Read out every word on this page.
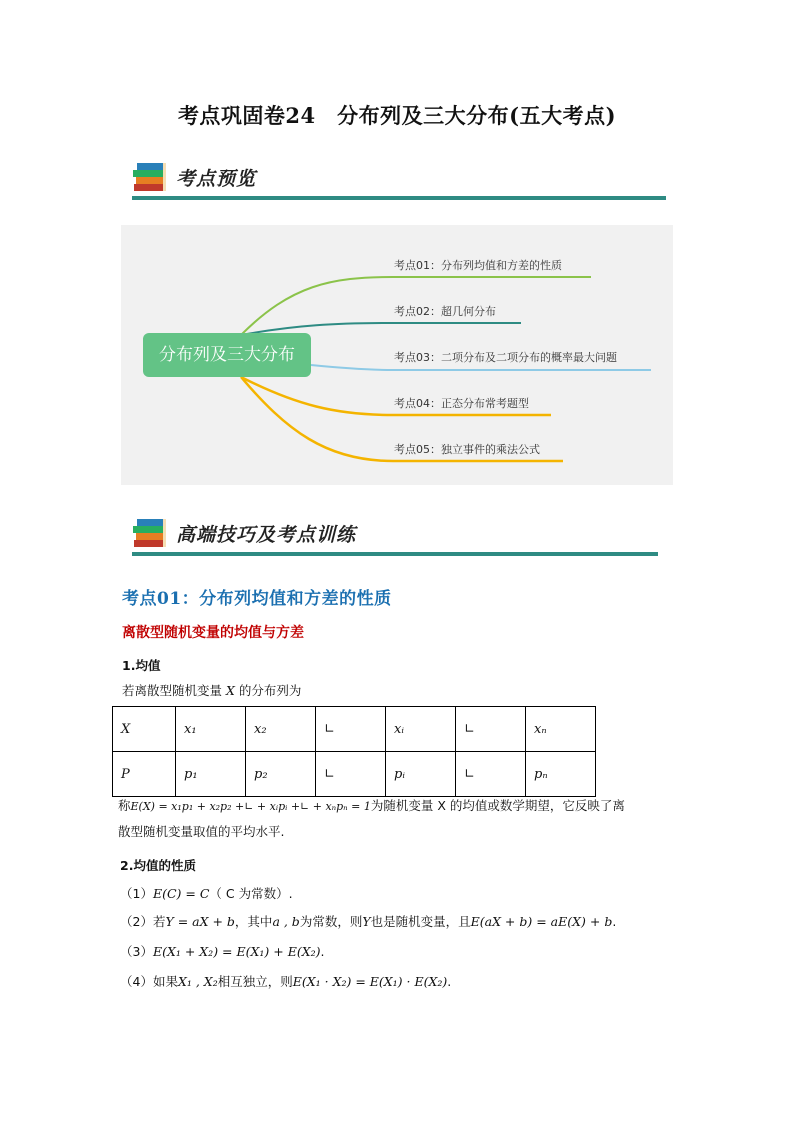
考点巩固卷24　分布列及三大分布(五大考点)
考点预览
分布列及三大分布
考点01：分布列均值和方差的性质
考点02：超几何分布
考点03：二项分布及二项分布的概率最大问题
考点04：正态分布常考题型
考点05：独立事件的乘法公式
高端技巧及考点训练
考点01：分布列均值和方差的性质
离散型随机变量的均值与方差
1.均值
若离散型随机变量 X 的分布列为
X	x₁	x₂	∟	xᵢ	∟	xₙ
P	p₁	p₂	∟	pᵢ	∟	pₙ
称E(X) = x₁p₁ + x₂p₂ +∟ + xᵢpᵢ +∟ + xₙpₙ = 1为随机变量 X 的均值或数学期望，它反映了离
散型随机变量取值的平均水平.
2.均值的性质
（1）E(C) = C（ C 为常数）.
（2）若Y = aX + b，其中a , b为常数，则Y也是随机变量，且E(aX + b) = aE(X) + b.
（3）E(X₁ + X₂) = E(X₁) + E(X₂).
（4）如果X₁ , X₂相互独立，则E(X₁ · X₂) = E(X₁) · E(X₂).
